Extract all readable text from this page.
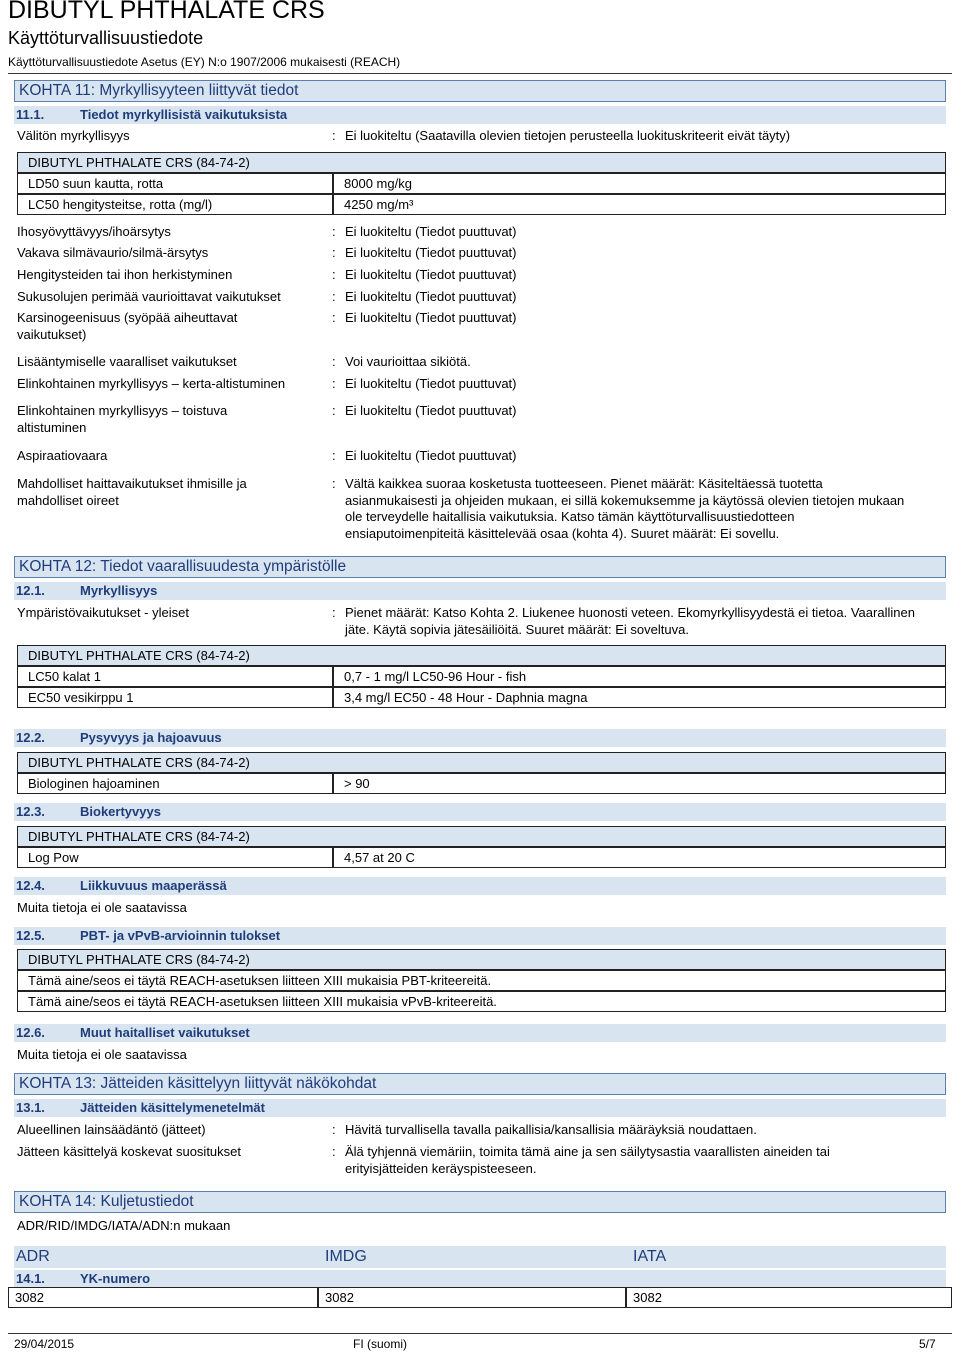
DIBUTYL PHTHALATE CRS
Käyttöturvallisuustiedote
Käyttöturvallisuustiedote Asetus (EY) N:o 1907/2006 mukaisesti (REACH)
KOHTA 11: Myrkyllisyyteen liittyvät tiedot
11.1.	Tiedot myrkyllisistä vaikutuksista
Välitön myrkyllisyys	: Ei luokiteltu (Saatavilla olevien tietojen perusteella luokituskriteerit eivät täyty)
DIBUTYL PHTHALATE CRS (84-74-2)
LD50 suun kautta, rotta	8000 mg/kg
LC50 hengitysteitse, rotta (mg/l)	4250 mg/m³
Ihosyövyttävyys/ihoärsytys	: Ei luokiteltu (Tiedot puuttuvat)
Vakava silmävaurio/silmä-ärsytys	: Ei luokiteltu (Tiedot puuttuvat)
Hengitysteiden tai ihon herkistyminen	: Ei luokiteltu (Tiedot puuttuvat)
Sukusolujen perimää vaurioittavat vaikutukset	: Ei luokiteltu (Tiedot puuttuvat)
Karsinogeenisuus (syöpää aiheuttavat vaikutukset)
: Ei luokiteltu (Tiedot puuttuvat)
Lisääntymiselle vaaralliset vaikutukset	: Voi vaurioittaa sikiötä.
Elinkohtainen myrkyllisyys – kerta-altistuminen	: Ei luokiteltu (Tiedot puuttuvat)
Elinkohtainen myrkyllisyys – toistuva altistuminen
: Ei luokiteltu (Tiedot puuttuvat)
Aspiraatiovaara	: Ei luokiteltu (Tiedot puuttuvat)
Mahdolliset haittavaikutukset ihmisille ja mahdolliset oireet
: Vältä kaikkea suoraa kosketusta tuotteeseen. Pienet määrät: Käsiteltäessä tuotetta asianmukaisesti ja ohjeiden mukaan, ei sillä kokemuksemme ja käytössä olevien tietojen mukaan ole terveydelle haitallisia vaikutuksia. Katso tämän käyttöturvallisuustiedotteen ensiaputoimenpiteitä käsittelevää osaa (kohta 4). Suuret määrät: Ei sovellu.
KOHTA 12: Tiedot vaarallisuudesta ympäristölle
12.1.	Myrkyllisyys
Ympäristövaikutukset - yleiset	: Pienet määrät: Katso Kohta 2. Liukenee huonosti veteen. Ekomyrkyllisyydestä ei tietoa. Vaarallinen jäte. Käytä sopivia jätesäiliöitä. Suuret määrät: Ei soveltuva.
DIBUTYL PHTHALATE CRS (84-74-2)
LC50 kalat 1	0,7 - 1 mg/l LC50-96 Hour - fish
EC50 vesikirppu 1	3,4 mg/l EC50 - 48 Hour - Daphnia magna
12.2.	Pysyvyys ja hajoavuus
DIBUTYL PHTHALATE CRS (84-74-2)
Biologinen hajoaminen	> 90
12.3.	Biokertyvyys
DIBUTYL PHTHALATE CRS (84-74-2)
Log Pow	4,57 at 20 C
12.4.	Liikkuvuus maaperässä
Muita tietoja ei ole saatavissa
12.5.	PBT- ja vPvB-arvioinnin tulokset
DIBUTYL PHTHALATE CRS (84-74-2)
Tämä aine/seos ei täytä REACH-asetuksen liitteen XIII mukaisia PBT-kriteereitä.
Tämä aine/seos ei täytä REACH-asetuksen liitteen XIII mukaisia vPvB-kriteereitä.
12.6.	Muut haitalliset vaikutukset
Muita tietoja ei ole saatavissa
KOHTA 13: Jätteiden käsittelyyn liittyvät näkökohdat
13.1.	Jätteiden käsittelymenetelmät
Alueellinen lainsäädäntö (jätteet)	: Hävitä turvallisella tavalla paikallisia/kansallisia määräyksiä noudattaen.
Jätteen käsittelyä koskevat suositukset	: Älä tyhjennä viemäriin, toimita tämä aine ja sen säilytysastia vaarallisten aineiden tai erityisjätteiden keräyspisteeseen.
KOHTA 14: Kuljetustiedot
ADR/RID/IMDG/IATA/ADN:n mukaan
ADR	IMDG	IATA
14.1.	YK-numero
3082	3082	3082
29/04/2015	FI (suomi)	5/7
